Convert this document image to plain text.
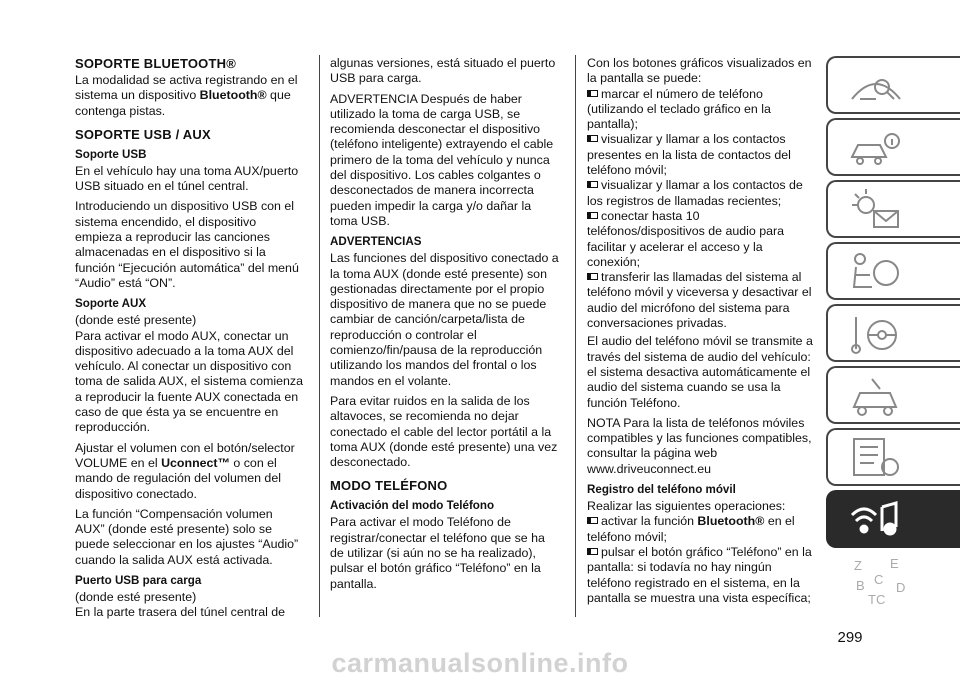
SOPORTE BLUETOOTH®

La modalidad se activa registrando en el sistema un dispositivo Bluetooth® que contenga pistas.

SOPORTE USB / AUX
Soporte USB

En el vehículo hay una toma AUX/puerto USB situado en el túnel central.

Introduciendo un dispositivo USB con el sistema encendido, el dispositivo empieza a reproducir las canciones almacenadas en el dispositivo si la función “Ejecución automática” del menú “Audio” está “ON”.

Soporte AUX

(donde esté presente)

Para activar el modo AUX, conectar un dispositivo adecuado a la toma AUX del vehículo. Al conectar un dispositivo con toma de salida AUX, el sistema comienza a reproducir la fuente AUX conectada en caso de que ésta ya se encuentre en reproducción.

Ajustar el volumen con el botón/selector VOLUME en el Uconnect™ o con el mando de regulación del volumen del dispositivo conectado.

La función “Compensación volumen AUX” (donde esté presente) solo se puede seleccionar en los ajustes “Audio” cuando la salida AUX está activada.

Puerto USB para carga

(donde esté presente)

En la parte trasera del túnel central de

algunas versiones, está situado el puerto USB para carga.

ADVERTENCIA Después de haber utilizado la toma de carga USB, se recomienda desconectar el dispositivo (teléfono inteligente) extrayendo el cable primero de la toma del vehículo y nunca del dispositivo. Los cables colgantes o desconectados de manera incorrecta pueden impedir la carga y/o dañar la toma USB.

ADVERTENCIAS

Las funciones del dispositivo conectado a la toma AUX (donde esté presente) son gestionadas directamente por el propio dispositivo de manera que no se puede cambiar de canción/carpeta/lista de reproducción o controlar el comienzo/fin/pausa de la reproducción utilizando los mandos del frontal o los mandos en el volante.

Para evitar ruidos en la salida de los altavoces, se recomienda no dejar conectado el cable del lector portátil a la toma AUX (donde esté presente) una vez desconectado.

MODO TELÉFONO
Activación del modo Teléfono

Para activar el modo Teléfono de registrar/conectar el teléfono que se ha de utilizar (si aún no se ha realizado), pulsar el botón gráfico “Teléfono” en la pantalla.

Con los botones gráficos visualizados en la pantalla se puede:

marcar el número de teléfono (utilizando el teclado gráfico en la pantalla);

visualizar y llamar a los contactos presentes en la lista de contactos del teléfono móvil;

visualizar y llamar a los contactos de los registros de llamadas recientes;

conectar hasta 10 teléfonos/dispositivos de audio para facilitar y acelerar el acceso y la conexión;

transferir las llamadas del sistema al teléfono móvil y viceversa y desactivar el audio del micrófono del sistema para conversaciones privadas.

El audio del teléfono móvil se transmite a través del sistema de audio del vehículo: el sistema desactiva automáticamente el audio del sistema cuando se usa la función Teléfono.

NOTA Para la lista de teléfonos móviles compatibles y las funciones compatibles, consultar la página web www.driveuconnect.eu

Registro del teléfono móvil

Realizar las siguientes operaciones:

activar la función Bluetooth® en el teléfono móvil;

pulsar el botón gráfico “Teléfono” en la pantalla: si todavía no hay ningún teléfono registrado en el sistema, en la pantalla se muestra una vista específica;

Z E
B C
D
C
T
299
carmanualsonline.info
